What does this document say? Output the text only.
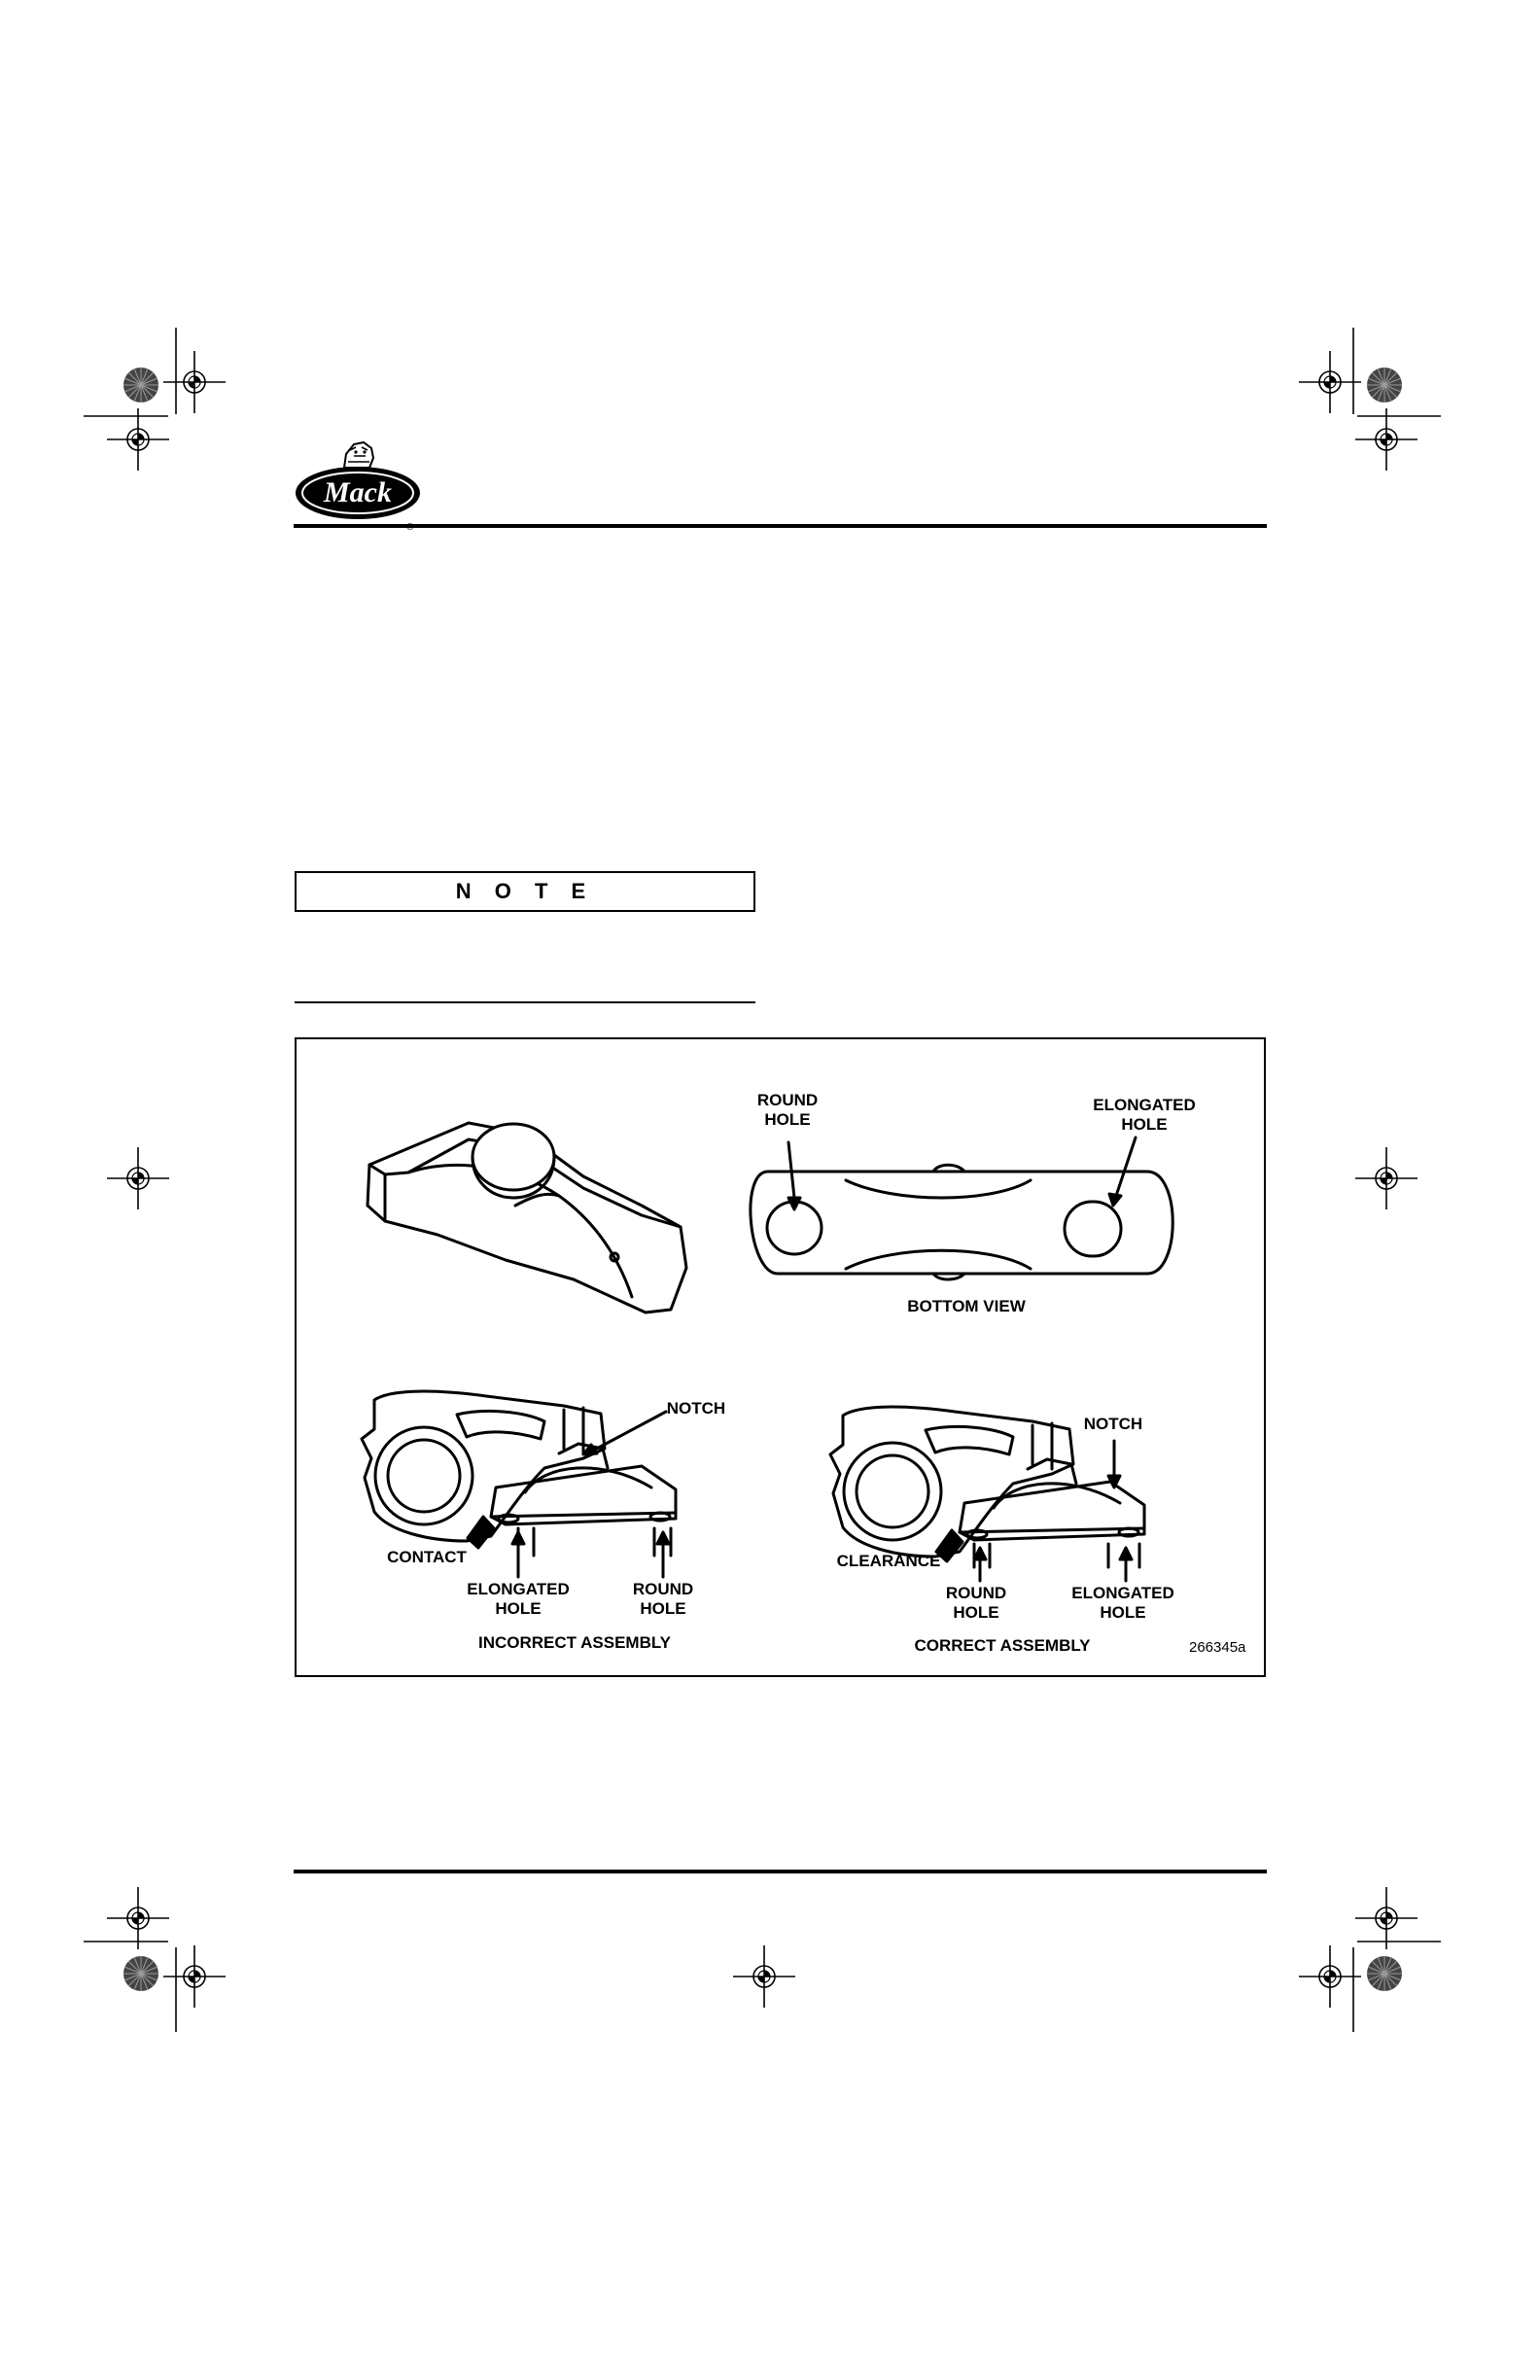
Mack
N O T E
ROUND
HOLE
ELONGATED
HOLE
BOTTOM VIEW
NOTCH
CONTACT
ELONGATED
HOLE
ROUND
HOLE
INCORRECT ASSEMBLY
NOTCH
CLEARANCE
ROUND
HOLE
ELONGATED
HOLE
CORRECT ASSEMBLY	266345a
